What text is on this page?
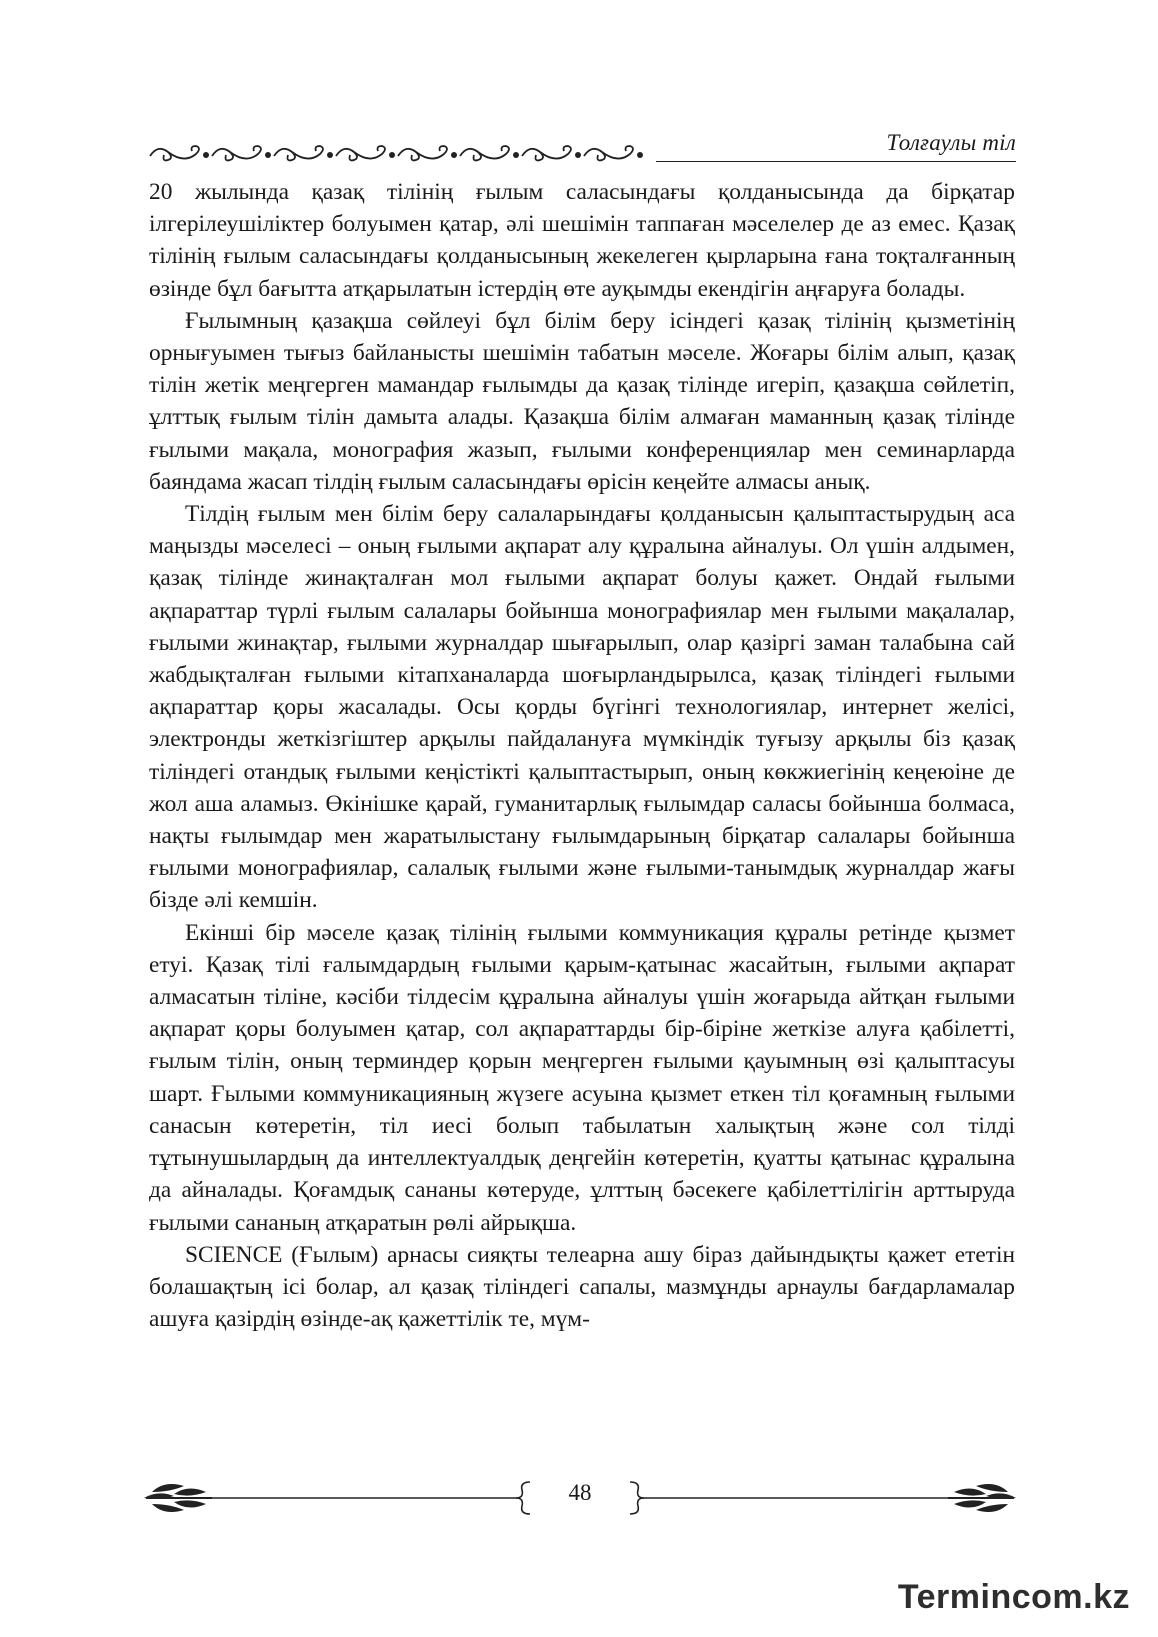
Толғаулы тіл

20 жылында қазақ тілінің ғылым саласындағы қолданысында да бірқатар ілгерілеушіліктер болуымен қатар, әлі шешімін таппаған мәселелер де аз емес. Қазақ тілінің ғылым саласындағы қолданысының жекелеген қырларына ғана тоқталғанның өзінде бұл бағытта атқарылатын істердің өте ауқымды екендігін аңғаруға болады.

Ғылымның қазақша сөйлеуі бұл білім беру ісіндегі қазақ тілінің қызметінің орнығуымен тығыз байланысты шешімін табатын мәселе. Жоғары білім алып, қазақ тілін жетік меңгерген мамандар ғылымды да қазақ тілінде игеріп, қазақша сөйлетіп, ұлттық ғылым тілін дамыта алады. Қазақша білім алмаған маманның қазақ тілінде ғылыми мақала, монография жазып, ғылыми конференциялар мен семинарларда баяндама жасап тілдің ғылым саласындағы өрісін кеңейте алмасы анық.

Тілдің ғылым мен білім беру салаларындағы қолданысын қалыптастырудың аса маңызды мәселесі – оның ғылыми ақпарат алу құралына айналуы. Ол үшін алдымен, қазақ тілінде жинақталған мол ғылыми ақпарат болуы қажет. Ондай ғылыми ақпараттар түрлі ғылым салалары бойынша монографиялар мен ғылыми мақалалар, ғылыми жинақтар, ғылыми журналдар шығарылып, олар қазіргі заман талабына сай жабдықталған ғылыми кітапханаларда шоғырландырылса, қазақ тіліндегі ғылыми ақпараттар қоры жасалады. Осы қорды бүгінгі технологиялар, интернет желісі, электронды жеткізгіштер арқылы пайдалануға мүмкіндік туғызу арқылы біз қазақ тіліндегі отандық ғылыми кеңістікті қалыптастырып, оның көкжиегінің кеңеюіне де жол аша аламыз. Өкінішке қарай, гуманитарлық ғылымдар саласы бойынша болмаса, нақты ғылымдар мен жаратылыстану ғылымдарының бірқатар салалары бойынша ғылыми монографиялар, салалық ғылыми және ғылыми-танымдық журналдар жағы бізде әлі кемшін.

Екінші бір мәселе қазақ тілінің ғылыми коммуникация құралы ретінде қызмет етуі. Қазақ тілі ғалымдардың ғылыми қарым-қатынас жасайтын, ғылыми ақпарат алмасатын тіліне, кәсіби тілдесім құралына айналуы үшін жоғарыда айтқан ғылыми ақпарат қоры болуымен қатар, сол ақпараттарды бір-біріне жеткізе алуға қабілетті, ғылым тілін, оның терминдер қорын меңгерген ғылыми қауымның өзі қалыптасуы шарт. Ғылыми коммуникацияның жүзеге асуына қызмет еткен тіл қоғамның ғылыми санасын көтеретін, тіл иесі болып табылатын халықтың және сол тілді тұтынушылардың да интеллектуалдық деңгейін көтеретін, қуатты қатынас құралына да айналады. Қоғамдық сананы көтеруде, ұлттың бәсекеге қабілеттілігін арттыруда ғылыми сананың атқаратын рөлі айрықша.

SCIENCE (Ғылым) арнасы сияқты телеарна ашу біраз дайындықты қажет ететін болашақтың ісі болар, ал қазақ тіліндегі сапалы, мазмұнды арнаулы бағдарламалар ашуға қазірдің өзінде-ақ қажеттілік те, мүм-

48
Termincom.kz
